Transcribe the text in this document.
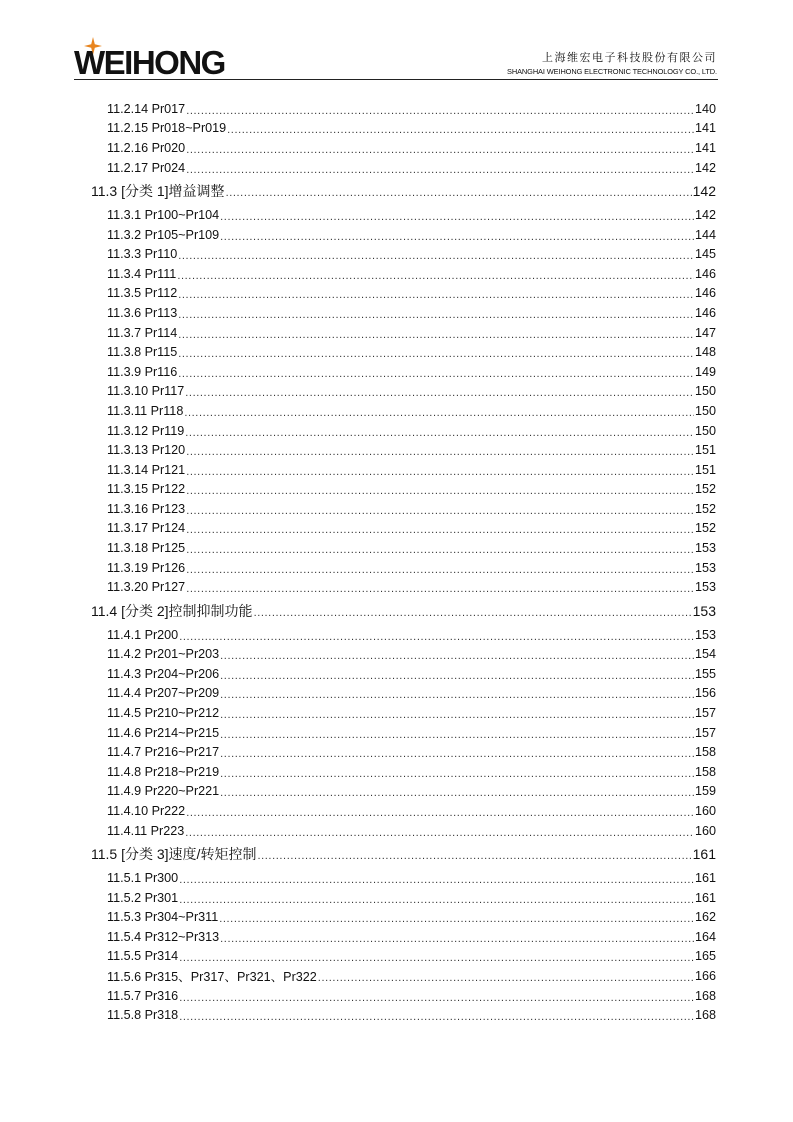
WEIHONG	上海维宏电子科技股份有限公司
SHANGHAI WEIHONG ELECTRONIC TECHNOLOGY CO., LTD.
11.2.14 Pr017 .....	140
11.2.15 Pr018~Pr019 .....	141
11.2.16 Pr020 .....	141
11.2.17 Pr024 .....	142
11.3 [分类 1]增益调整 .....	142
11.3.1 Pr100~Pr104 .....	142
11.3.2 Pr105~Pr109 .....	144
11.3.3 Pr110 .....	145
11.3.4 Pr111 .....	146
11.3.5 Pr112 .....	146
11.3.6 Pr113 .....	146
11.3.7 Pr114 .....	147
11.3.8 Pr115 .....	148
11.3.9 Pr116 .....	149
11.3.10 Pr117 .....	150
11.3.11 Pr118 .....	150
11.3.12 Pr119 .....	150
11.3.13 Pr120 .....	151
11.3.14 Pr121 .....	151
11.3.15 Pr122 .....	152
11.3.16 Pr123 .....	152
11.3.17 Pr124 .....	152
11.3.18 Pr125 .....	153
11.3.19 Pr126 .....	153
11.3.20 Pr127 .....	153
11.4 [分类 2]控制抑制功能 .....	153
11.4.1 Pr200 .....	153
11.4.2 Pr201~Pr203 .....	154
11.4.3 Pr204~Pr206 .....	155
11.4.4 Pr207~Pr209 .....	156
11.4.5 Pr210~Pr212 .....	157
11.4.6 Pr214~Pr215 .....	157
11.4.7 Pr216~Pr217 .....	158
11.4.8 Pr218~Pr219 .....	158
11.4.9 Pr220~Pr221 .....	159
11.4.10 Pr222 .....	160
11.4.11 Pr223 .....	160
11.5 [分类 3]速度/转矩控制 .....	161
11.5.1 Pr300 .....	161
11.5.2 Pr301 .....	161
11.5.3 Pr304~Pr311 .....	162
11.5.4 Pr312~Pr313 .....	164
11.5.5 Pr314 .....	165
11.5.6 Pr315、Pr317、Pr321、Pr322 .....	166
11.5.7 Pr316 .....	168
11.5.8 Pr318 .....	168
